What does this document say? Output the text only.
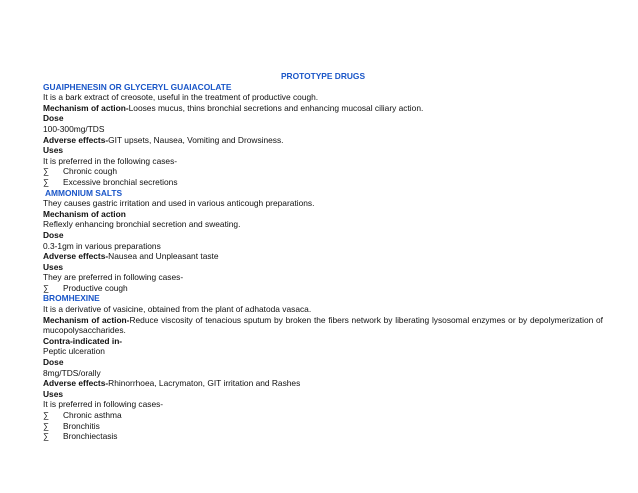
PROTOTYPE DRUGS
GUAIPHENESIN OR GLYCERYL GUAIACOLATE
It is a bark extract of creosote, useful in the treatment of productive cough.
Mechanism of action-Looses mucus, thins bronchial secretions and enhancing mucosal ciliary action.
Dose
100-300mg/TDS
Adverse effects-GIT upsets, Nausea, Vomiting and Drowsiness.
Uses
It is preferred in the following cases-
∑	Chronic cough
∑	Excessive bronchial secretions
AMMONIUM SALTS
They causes gastric irritation and used in various anticough preparations.
Mechanism of action
Reflexly enhancing bronchial secretion and sweating.
Dose
0.3-1gm in various preparations
Adverse effects-Nausea and Unpleasant taste
Uses
They are preferred in following cases-
∑	Productive cough
BROMHEXINE
It is a derivative of vasicine, obtained from the plant of adhatoda vasaca.
Mechanism of action-Reduce viscosity of tenacious sputum by broken the fibers network by liberating lysosomal enzymes or by depolymerization of mucopolysaccharides.
Contra-indicated in-
Peptic ulceration
Dose
8mg/TDS/orally
Adverse effects-Rhinorrhoea, Lacrymaton, GIT irritation and Rashes
Uses
It is preferred in following cases-
∑	Chronic asthma
∑	Bronchitis
∑	Bronchiectasis
